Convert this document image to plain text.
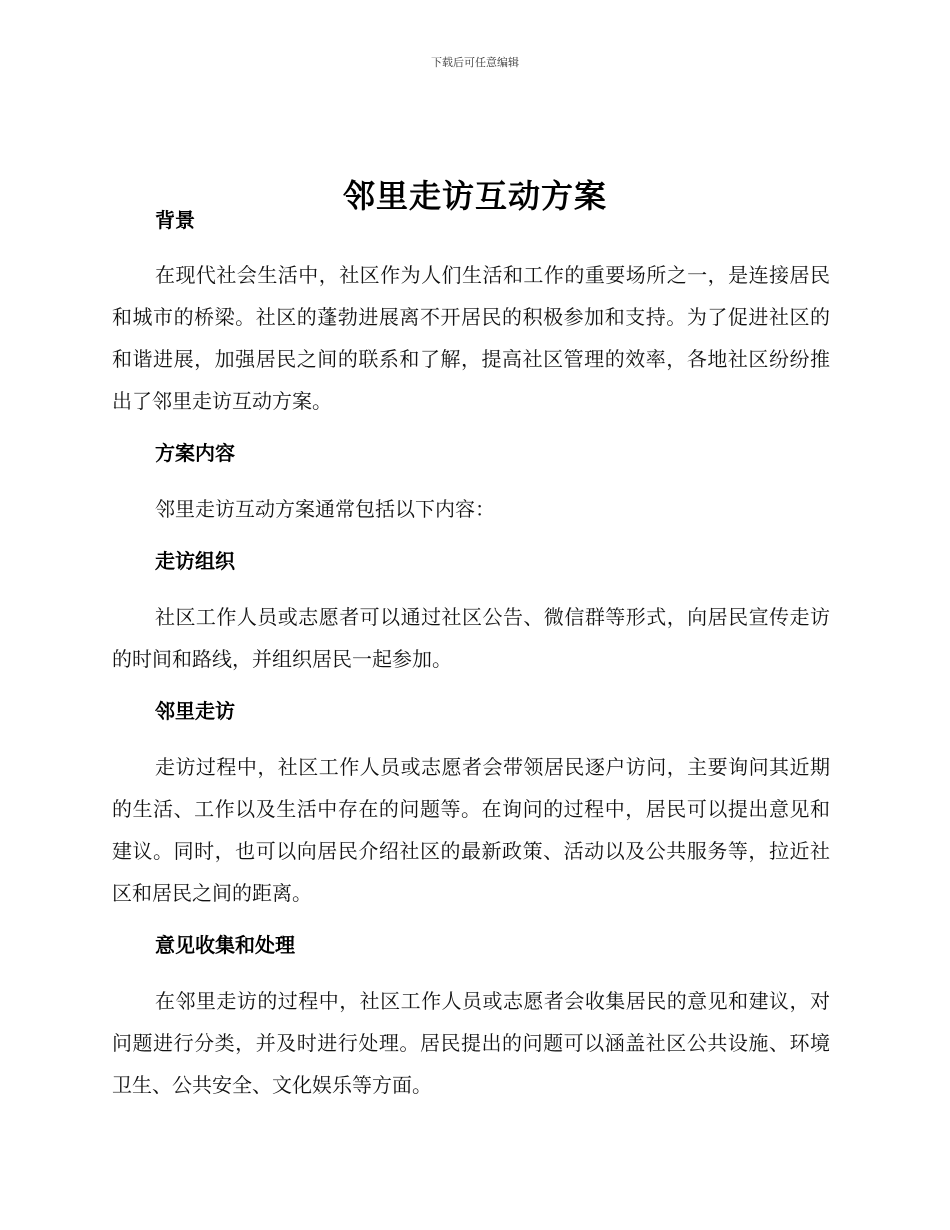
下载后可任意编辑
邻里走访互动方案
背景

在现代社会生活中，社区作为人们生活和工作的重要场所之一，是连接居民和城市的桥梁。社区的蓬勃进展离不开居民的积极参加和支持。为了促进社区的和谐进展，加强居民之间的联系和了解，提高社区管理的效率，各地社区纷纷推出了邻里走访互动方案。

方案内容

邻里走访互动方案通常包括以下内容：

走访组织

社区工作人员或志愿者可以通过社区公告、微信群等形式，向居民宣传走访的时间和路线，并组织居民一起参加。

邻里走访

走访过程中，社区工作人员或志愿者会带领居民逐户访问，主要询问其近期的生活、工作以及生活中存在的问题等。在询问的过程中，居民可以提出意见和建议。同时，也可以向居民介绍社区的最新政策、活动以及公共服务等，拉近社区和居民之间的距离。

意见收集和处理

在邻里走访的过程中，社区工作人员或志愿者会收集居民的意见和建议，对问题进行分类，并及时进行处理。居民提出的问题可以涵盖社区公共设施、环境卫生、公共安全、文化娱乐等方面。
